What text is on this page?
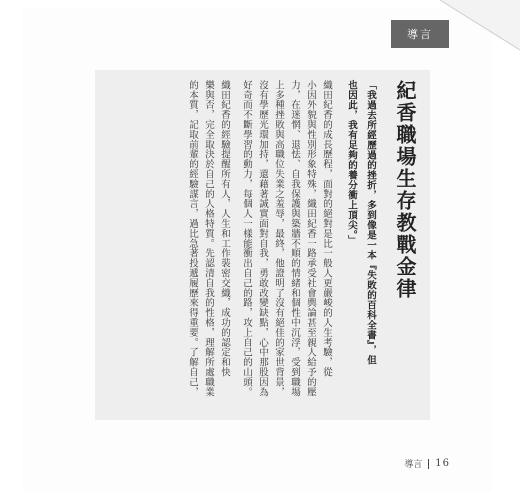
導言
紀香職場生存教戰金律
「我過去所經歷過的挫折，多到像是一本『失敗的百科全書』，但
也因此，我有足夠的養分衝上頂尖。」
織田紀香的成長歷程，面對的絕對是比一般人更嚴峻的人生考驗，從
小因外貌與性別形象特殊，織田紀香一路承受社會輿論甚至親人給予的壓
力，在迷惘、退怯、自我保護與築牆不順的情緒和個性中沉浮，受到職場
上多種挫敗與高職位失業之羞辱，最終，他證明了沒有絕佳的家世背景，
沒有學歷光環加持，還藉著誠實面對自我，勇敢改變缺點，心中那股因為
好奇而不斷學習的動力，每個人一樣能衝出自己的路，攻上自己的山頭。
織田紀香的經驗提醒所有人，人生和工作裝密交織，成功的認定和快
樂與否，完全取決於自己的人格特質。先認清自我的性格，理解所處職業
的本質，記取前輩的經驗謀言，過比急著投遞履歷來得重要。了解自己，
導言 16
